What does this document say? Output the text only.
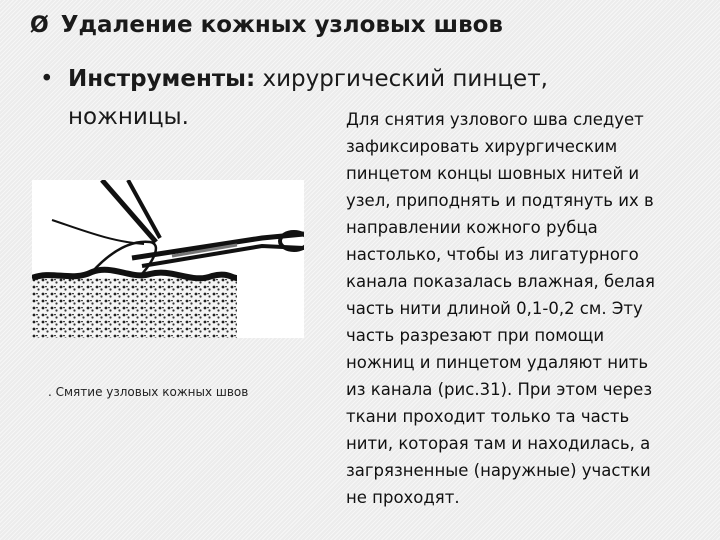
Ø Удаление кожных узловых швов
• Инструменты: хирургический пинцет,
ножницы.
. Смятие узловых кожных швов
Для снятия узлового шва следует
зафиксировать хирургическим
пинцетом концы шовных нитей и
узел, приподнять и подтянуть их в
направлении кожного рубца
настолько, чтобы из лигатурного
канала показалась влажная, белая
часть нити длиной 0,1-0,2 см. Эту
часть разрезают при помощи
ножниц и пинцетом удаляют нить
из канала (рис.31). При этом через
ткани проходит только та часть
нити, которая там и находилась, а
загрязненные (наружные) участки
не проходят.
